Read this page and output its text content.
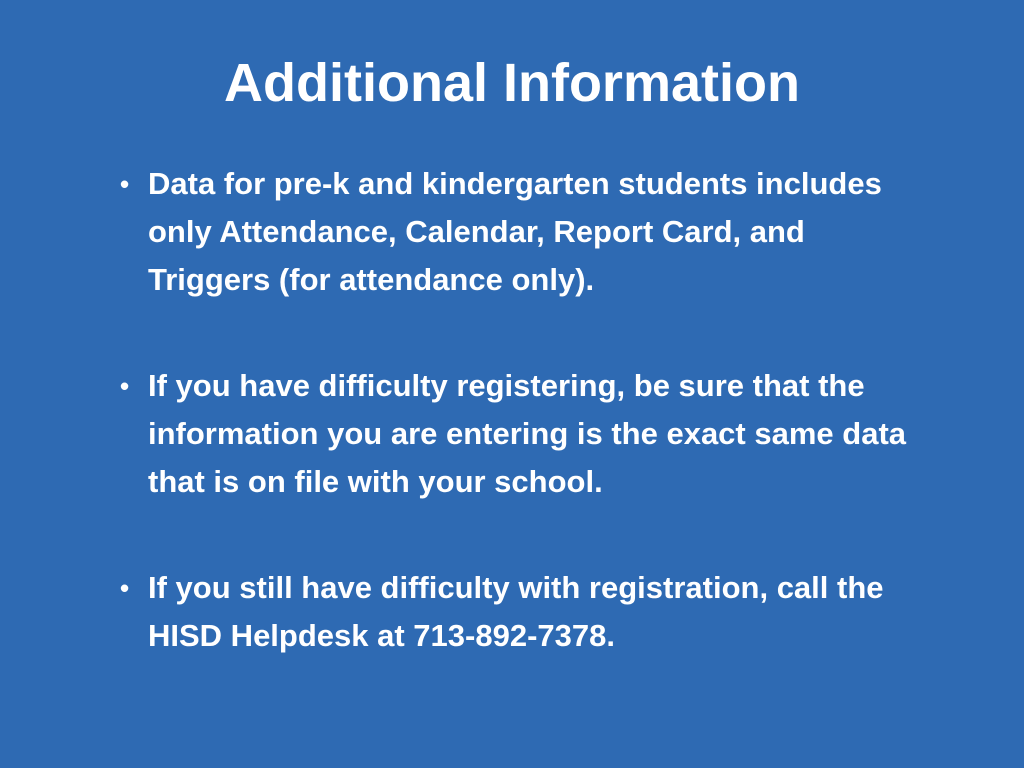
Additional Information
• Data for pre-k and kindergarten students includes only Attendance, Calendar, Report Card, and Triggers (for attendance only).
• If you have difficulty registering, be sure that the information you are entering is the exact same data that is on file with your school.
• If you still have difficulty with registration, call the HISD Helpdesk at 713-892-7378.
